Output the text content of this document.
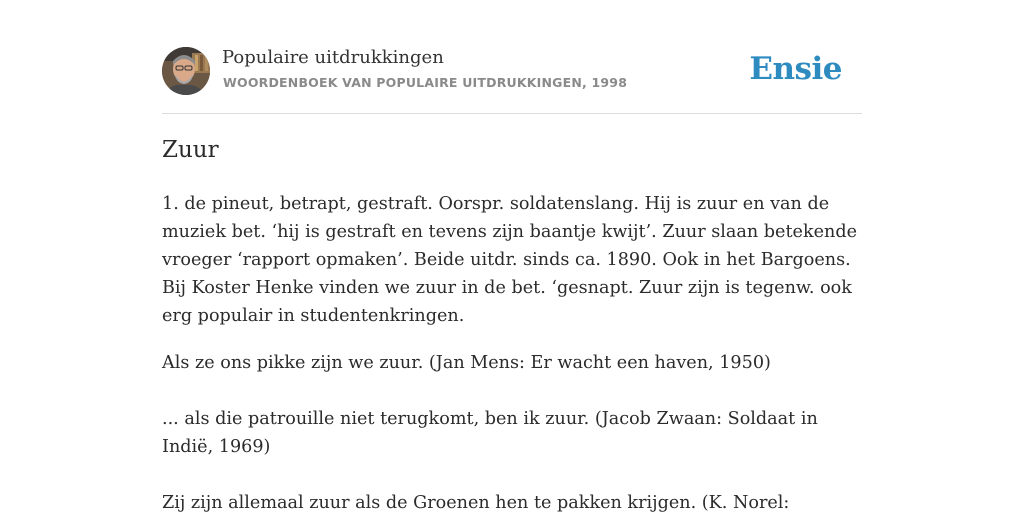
Populaire uitdrukkingen
WOORDENBOEK VAN POPULAIRE UITDRUKKINGEN, 1998	Ensie
Zuur

1. de pineut, betrapt, gestraft. Oorspr. soldatenslang. Hij is zuur en van de muziek bet. ‘hij is gestraft en tevens zijn baantje kwijt’. Zuur slaan betekende vroeger ‘rapport opmaken’. Beide uitdr. sinds ca. 1890. Ook in het Bargoens. Bij Koster Henke vinden we zuur in de bet. ‘gesnapt. Zuur zijn is tegenw. ook erg populair in studentenkringen.

Als ze ons pikke zijn we zuur. (Jan Mens: Er wacht een haven, 1950)

... als die patrouille niet terugkomt, ben ik zuur. (Jacob Zwaan: Soldaat in Indië, 1969)

Zij zijn allemaal zuur als de Groenen hen te pakken krijgen. (K. Norel:
